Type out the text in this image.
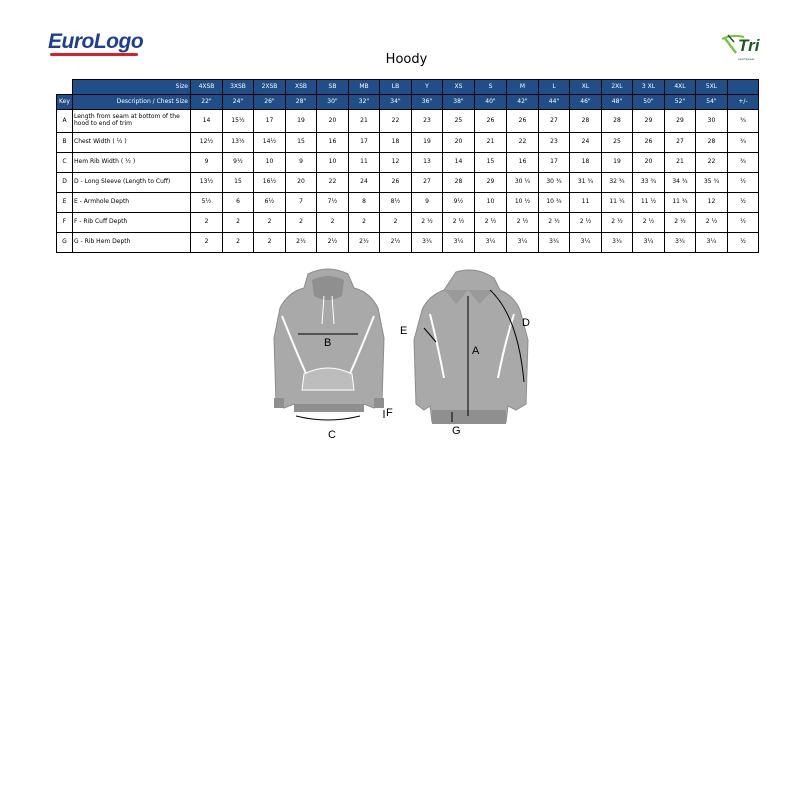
EuroLogo
Hoody
Tri
sportswear
	Size	4XSB	3XSB	2XSB	XSB	SB	MB	LB	Y	XS	S	M	L	XL	2XL	3 XL	4XL	5XL	
Key	Description / Chest Size	22"	24"	26"	28"	30"	32"	34"	36"	38"	40"	42"	44"	46"	48"	50"	52"	54"	+/-
A	Length from seam at bottom of the hood to end of trim	14	15½	17	19	20	21	22	23	25	26	26	27	28	28	29	29	30	¾
B	Chest Width ( ½ )	12½	13½	14½	15	16	17	18	19	20	21	22	23	24	25	26	27	28	¾
C	Hem Rib Width ( ½ )	9	9½	10	9	10	11	12	13	14	15	16	17	18	19	20	21	22	¾
D	D - Long Sleeve (Length to Cuff)	13½	15	16½	20	22	24	26	27	28	29	30 ¼	30 ¾	31 ¾	32 ¾	33 ¾	34 ¾	35 ¾	½
E	E - Armhole Depth	5½	6	6½	7	7½	8	8½	9	9½	10	10 ½	10 ¾	11	11 ¼	11 ½	11 ¾	12	½
F	F - Rib Cuff Depth	2	2	2	2	2	2	2	2 ½	2 ½	2 ½	2 ½	2 ½	2 ½	2 ½	2 ½	2 ½	2 ½	½
G	G - Rib Hem Depth	2	2	2	2½	2½	2½	2½	3¼	3¼	3¼	3¼	3¼	3¼	3¼	3¼	3¼	3¼	½
B
C
F
A
D
E
G
